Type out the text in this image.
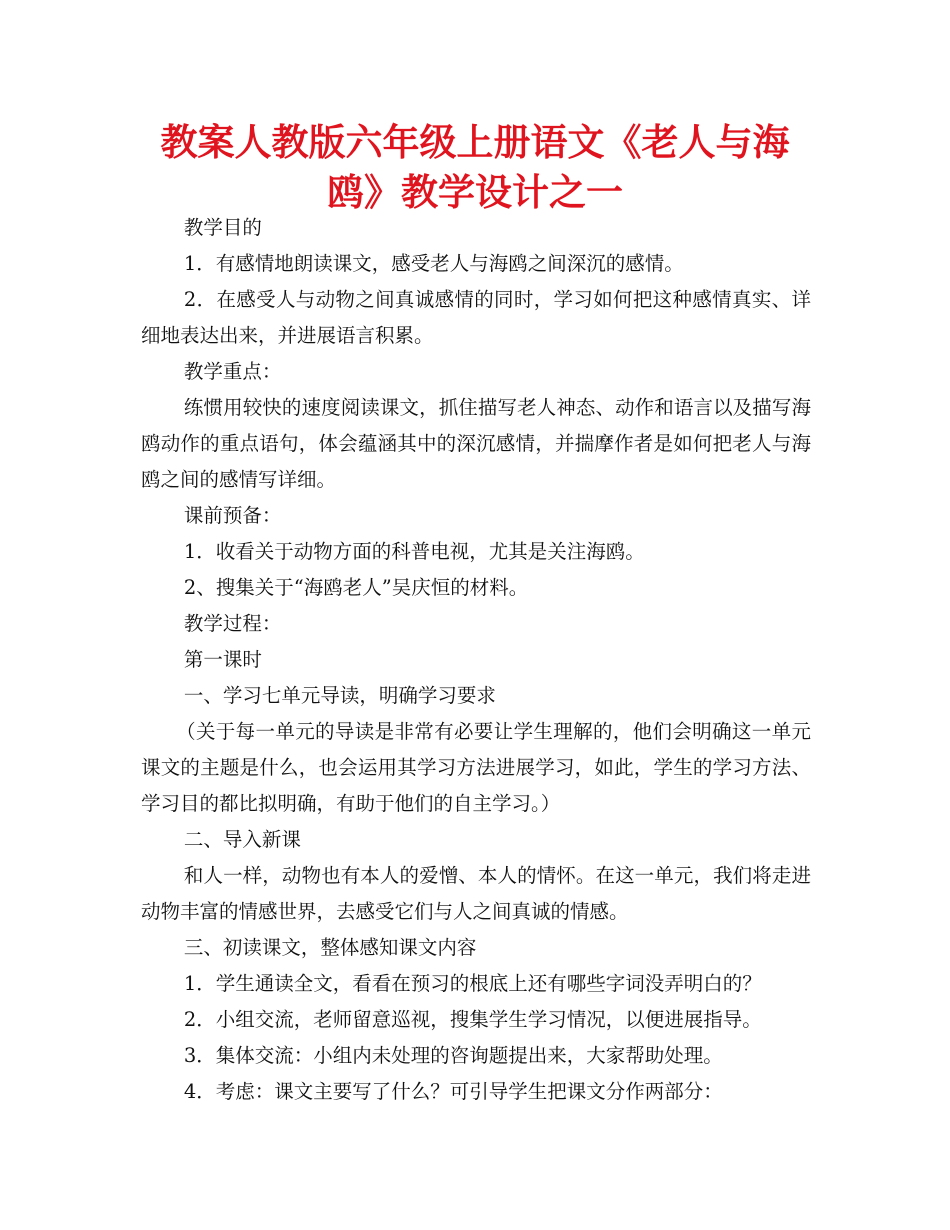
教案人教版六年级上册语文《老人与海鸥》教学设计之一

教学目的

1．有感情地朗读课文，感受老人与海鸥之间深沉的感情。

2．在感受人与动物之间真诚感情的同时，学习如何把这种感情真实、详细地表达出来，并进展语言积累。

教学重点：

练惯用较快的速度阅读课文，抓住描写老人神态、动作和语言以及描写海鸥动作的重点语句，体会蕴涵其中的深沉感情，并揣摩作者是如何把老人与海鸥之间的感情写详细。

课前预备：

1．收看关于动物方面的科普电视，尤其是关注海鸥。

2、搜集关于“海鸥老人”吴庆恒的材料。

教学过程：

第一课时

一、学习七单元导读，明确学习要求

（关于每一单元的导读是非常有必要让学生理解的，他们会明确这一单元课文的主题是什么，也会运用其学习方法进展学习，如此，学生的学习方法、学习目的都比拟明确，有助于他们的自主学习。）

二、导入新课

和人一样，动物也有本人的爱憎、本人的情怀。在这一单元，我们将走进动物丰富的情感世界，去感受它们与人之间真诚的情感。

三、初读课文，整体感知课文内容

1．学生通读全文，看看在预习的根底上还有哪些字词没弄明白的？

2．小组交流，老师留意巡视，搜集学生学习情况，以便进展指导。

3．集体交流：小组内未处理的咨询题提出来，大家帮助处理。

4．考虑：课文主要写了什么？可引导学生把课文分作两部分：
